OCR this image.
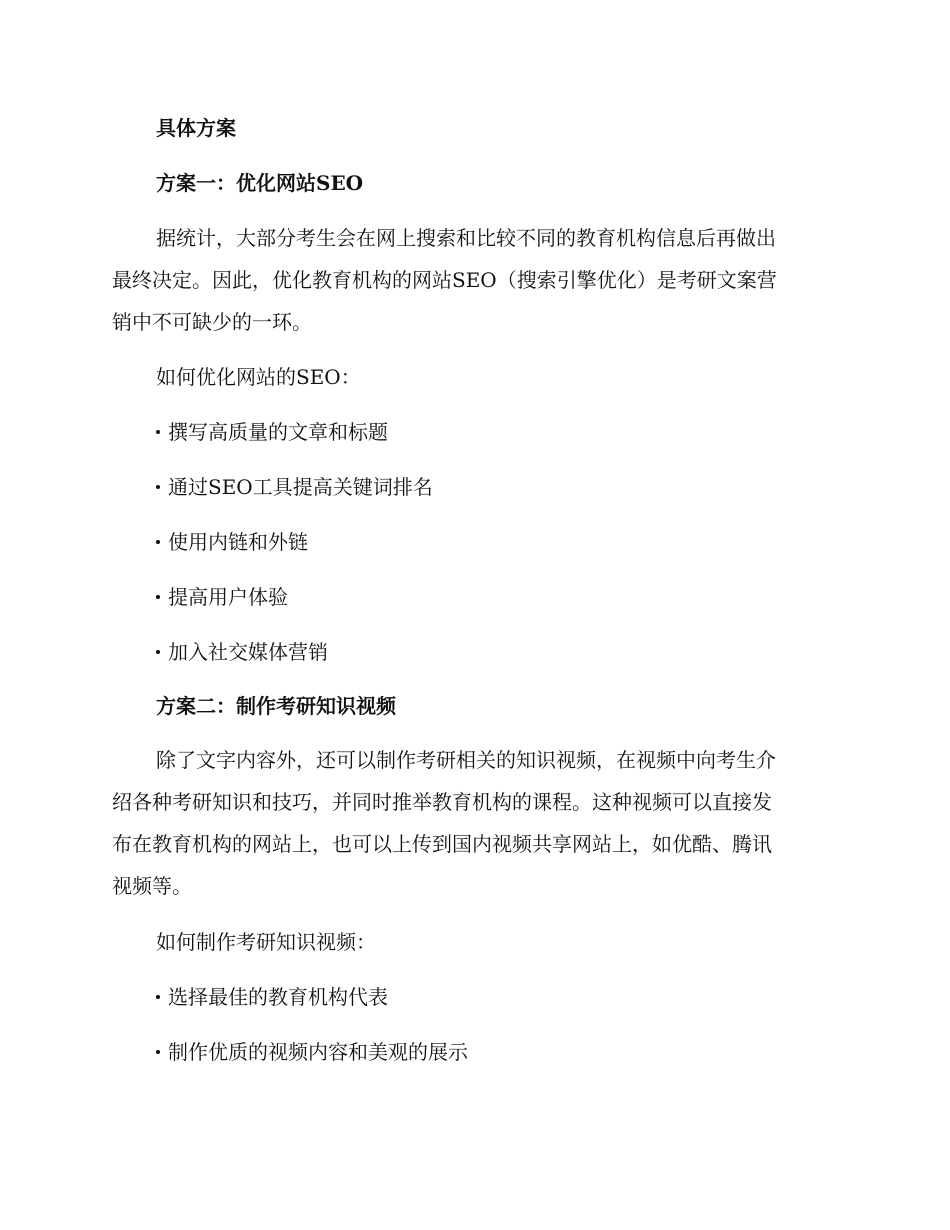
具体方案
方案一：优化网站SEO
据统计，大部分考生会在网上搜索和比较不同的教育机构信息后再做出
最终决定。因此，优化教育机构的网站SEO（搜索引擎优化）是考研文案营
销中不可缺少的一环。
如何优化网站的SEO：
撰写高质量的文章和标题
通过SEO工具提高关键词排名
使用内链和外链
提高用户体验
加入社交媒体营销
方案二：制作考研知识视频
除了文字内容外，还可以制作考研相关的知识视频，在视频中向考生介
绍各种考研知识和技巧，并同时推举教育机构的课程。这种视频可以直接发
布在教育机构的网站上，也可以上传到国内视频共享网站上，如优酷、腾讯
视频等。
如何制作考研知识视频：
选择最佳的教育机构代表
制作优质的视频内容和美观的展示
